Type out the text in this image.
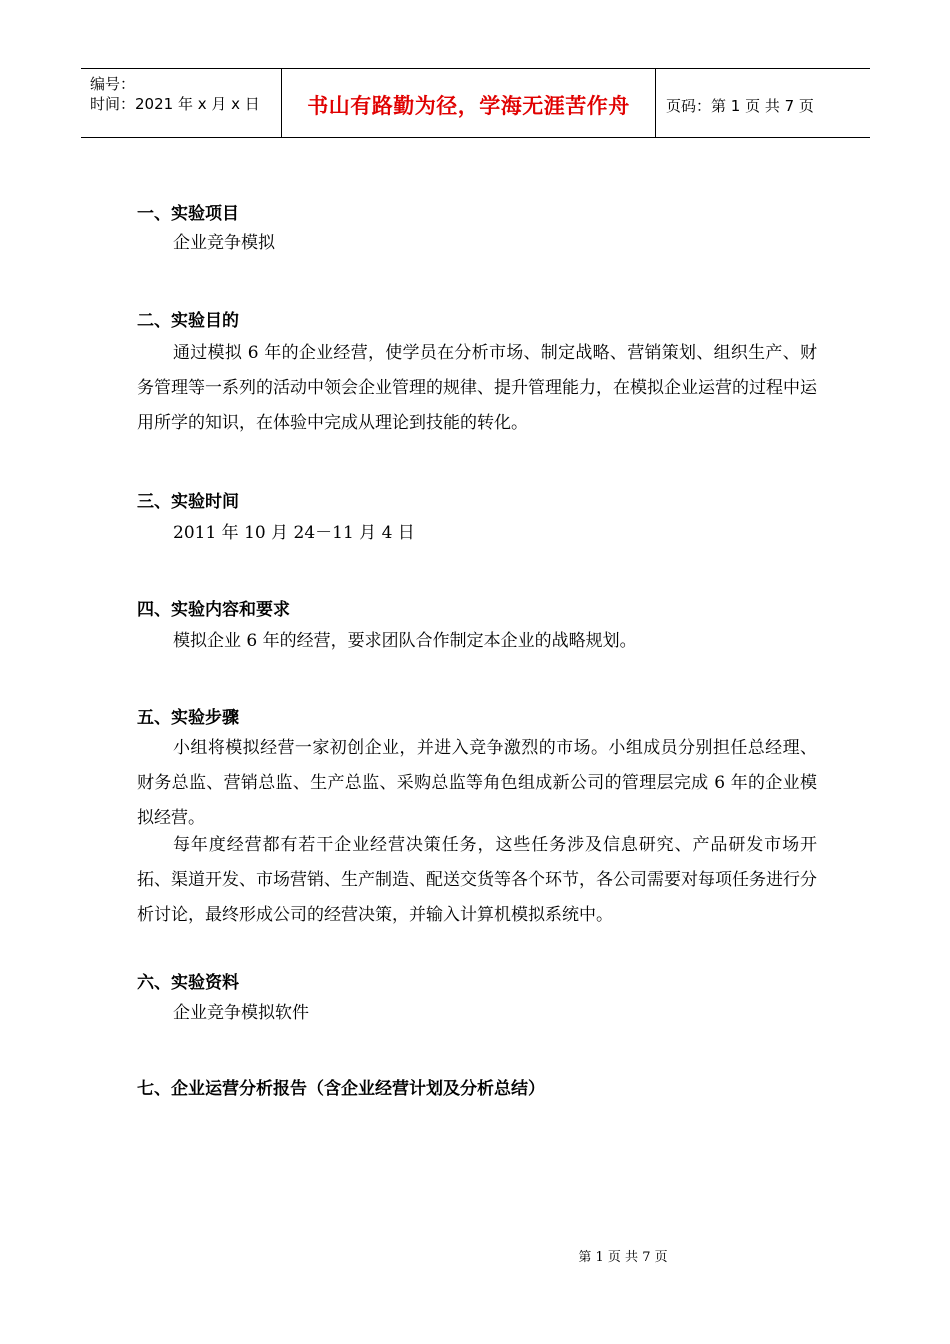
编号：
时间：2021 年 x 月 x 日	书山有路勤为径，学海无涯苦作舟	页码：第 1 页 共 7 页
一、实验项目
企业竞争模拟
二、实验目的
通过模拟 6 年的企业经营，使学员在分析市场、制定战略、营销策划、组织生产、财务管理等一系列的活动中领会企业管理的规律、提升管理能力，在模拟企业运营的过程中运用所学的知识，在体验中完成从理论到技能的转化。
三、实验时间
2011 年 10 月 24－11 月 4 日
四、实验内容和要求
模拟企业 6 年的经营，要求团队合作制定本企业的战略规划。
五、实验步骤
小组将模拟经营一家初创企业，并进入竞争激烈的市场。小组成员分别担任总经理、财务总监、营销总监、生产总监、采购总监等角色组成新公司的管理层完成 6 年的企业模拟经营。
每年度经营都有若干企业经营决策任务，这些任务涉及信息研究、产品研发市场开拓、渠道开发、市场营销、生产制造、配送交货等各个环节，各公司需要对每项任务进行分析讨论，最终形成公司的经营决策，并输入计算机模拟系统中。
六、实验资料
企业竞争模拟软件
七、企业运营分析报告（含企业经营计划及分析总结）
第 1 页 共 7 页
